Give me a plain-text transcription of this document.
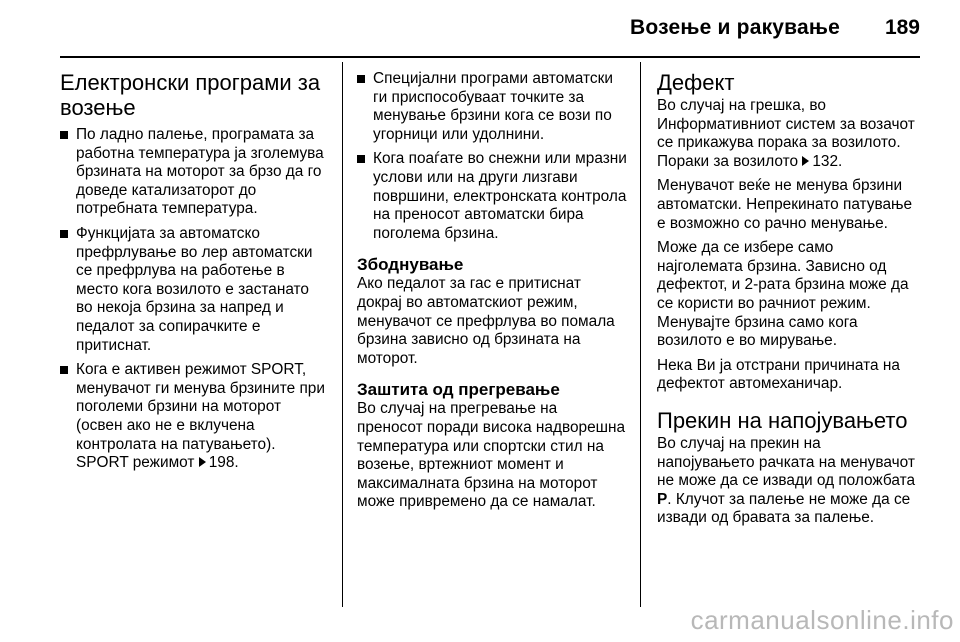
Возење и ракување 189
Електронски програми за возење
По ладно палење, програмата за работна температура ја зголемува брзината на моторот за брзо да го доведе катализаторот до потребната температура.
Функцијата за автоматско префрлување во лер автоматски се префрлува на работење в место кога возилото е застанато во некоја брзина за напред и педалот за сопирачките е притиснат.
Кога е активен режимот SPORT, менувачот ги менува брзините при поголеми брзини на моторот (освен ако не е вклучена контролата на патувањето). SPORT режимот 198.
Специјални програми автоматски ги приспособуваат точките за менување брзини кога се вози по угорници или удолнини.
Кога поаѓате во снежни или мразни услови или на други лизгави површини, електронската контрола на преносот автоматски бира поголема брзина.
Збоднување

Ако педалот за гас е притиснат докрај во автоматскиот режим, менувачот се префрлува во помала брзина зависно од брзината на моторот.

Заштита од прегревање

Во случај на прегревање на преносот поради висока надворешна температура или спортски стил на возење, вртежниот момент и максималната брзина на моторот може привремено да се намалат.

Дефект

Во случај на грешка, во Информативниот систем за возачот се прикажува порака за возилото. Пораки за возилото 132.

Менувачот веќе не менува брзини автоматски. Непрекинато патување е возможно со рачно менување.

Може да се избере само најголемата брзина. Зависно од дефектот, и 2-рата брзина може да се користи во рачниот режим. Менувајте брзина само кога возилото е во мирување.

Нека Ви ја отстрани причината на дефектот автомеханичар.

Прекин на напојувањето

Во случај на прекин на напојувањето рачката на менувачот не може да се извади од положбата P. Клучот за палење не може да се извади од бравата за палење.

carmanualsonline.info
